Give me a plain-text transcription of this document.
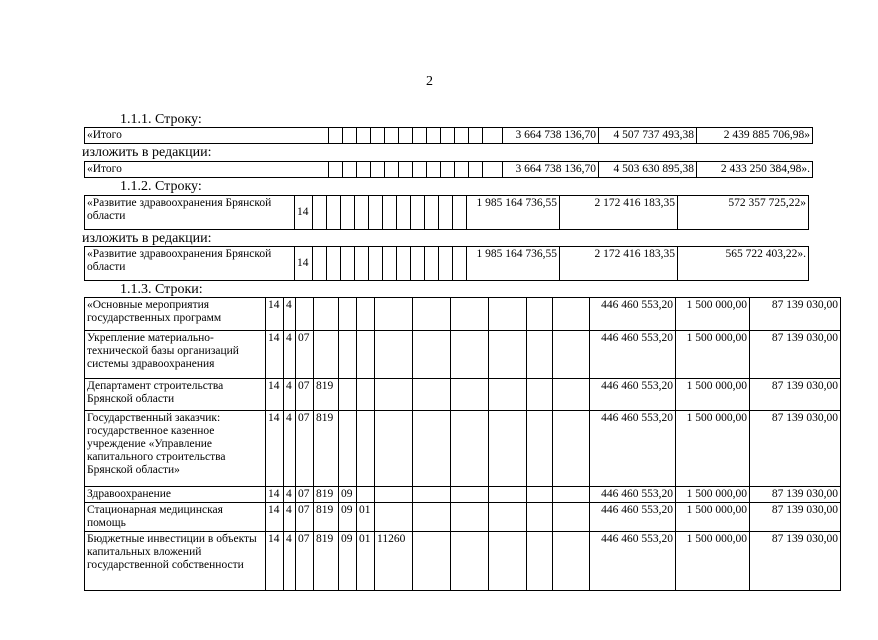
2
1.1.1. Строку:
«Итого													3 664 738 136,70	4 507 737 493,38	2 439 885 706,98»
изложить в редакции:
«Итого													3 664 738 136,70	4 503 630 895,38	2 433 250 384,98».
1.1.2. Строку:
«Развитие здравоохранения Брянской области	14												1 985 164 736,55	2 172 416 183,35	572 357 725,22»
изложить в редакции:
«Развитие здравоохранения Брянской области	14												1 985 164 736,55	2 172 416 183,35	565 722 403,22».
1.1.3. Строки:
«Основные мероприятия государственных программ	14	4											446 460 553,20	1 500 000,00	87 139 030,00
Укрепление материально-технической базы организаций системы здравоохранения	14	4	07										446 460 553,20	1 500 000,00	87 139 030,00
Департамент строительства Брянской области	14	4	07	819									446 460 553,20	1 500 000,00	87 139 030,00
Государственный заказчик: государственное казенное учреждение «Управление капитального строительства Брянской области»	14	4	07	819									446 460 553,20	1 500 000,00	87 139 030,00
Здравоохранение	14	4	07	819	09								446 460 553,20	1 500 000,00	87 139 030,00
Стационарная медицинская помощь	14	4	07	819	09	01							446 460 553,20	1 500 000,00	87 139 030,00
Бюджетные инвестиции в объекты капитальных вложений государственной собственности	14	4	07	819	09	01	11260						446 460 553,20	1 500 000,00	87 139 030,00
